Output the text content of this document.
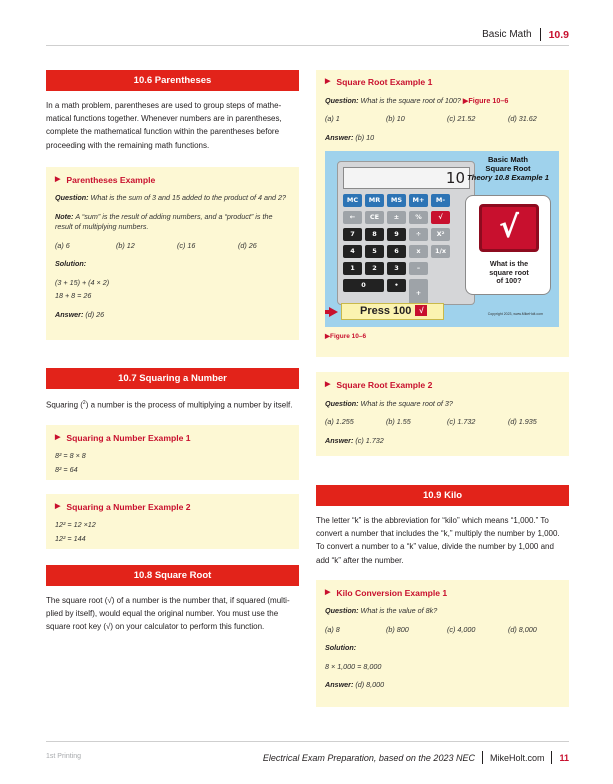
Basic Math 10.9
10.6 Parentheses
In a math problem, parentheses are used to group steps of mathe-
matical functions together. Whenever numbers are in parentheses,
complete the mathematical function within the parentheses before
proceeding with the remaining math functions.
▶ Parentheses Example
Question: What is the sum of 3 and 15 added to the product of 4 and 2?
Note: A “sum” is the result of adding numbers, and a “product” is the
result of multiplying numbers.
(a) 6	(b) 12	(c) 16	(d) 26
Solution:
(3 + 15) + (4 × 2)
18 + 8 = 26
Answer: (d) 26
10.7 Squaring a Number
Squaring ($^2$) a number is the process of multiplying a number by itself.
▶ Squaring a Number Example 1
8² = 8 × 8
8² = 64
▶ Squaring a Number Example 2
12² = 12 ×12
12² = 144
10.8 Square Root
The square root (√) of a number is the number that, if squared (multi-
plied by itself), would equal the original number. You must use the
square root key (√) on your calculator to perform this function.
▶ Square Root Example 1
Question: What is the square root of 100? ▶Figure 10–6
(a) 1	(b) 10	(c) 21.52	(d) 31.62
Answer: (b) 10
10
MC	MR	MS	M+	M-
←	CE	±	%	√
7	8	9	÷	X²
4	5	6	x	1/x
1	2	3	–
0	•
+
Basic Math
Square Root
Theory 10.8 Example 1
√
What is the
square root
of 100?
Press 100 √	Copyright 2023, www.MikeHolt.com
▶Figure 10–6
▶ Square Root Example 2
Question: What is the square root of 3?
(a) 1.255	(b) 1.55	(c) 1.732	(d) 1.935
Answer: (c) 1.732
10.9 Kilo
The letter “k” is the abbreviation for “kilo” which means “1,000.” To
convert a number that includes the “k,” multiply the number by 1,000.
To convert a number to a “k” value, divide the number by 1,000 and
add “k” after the number.
▶ Kilo Conversion Example 1
Question: What is the value of 8k?
(a) 8	(b) 800	(c) 4,000	(d) 8,000
Solution:
8 × 1,000 = 8,000
Answer: (d) 8,000
1st Printing	Electrical Exam Preparation, based on the 2023 NEC MikeHolt.com 11
